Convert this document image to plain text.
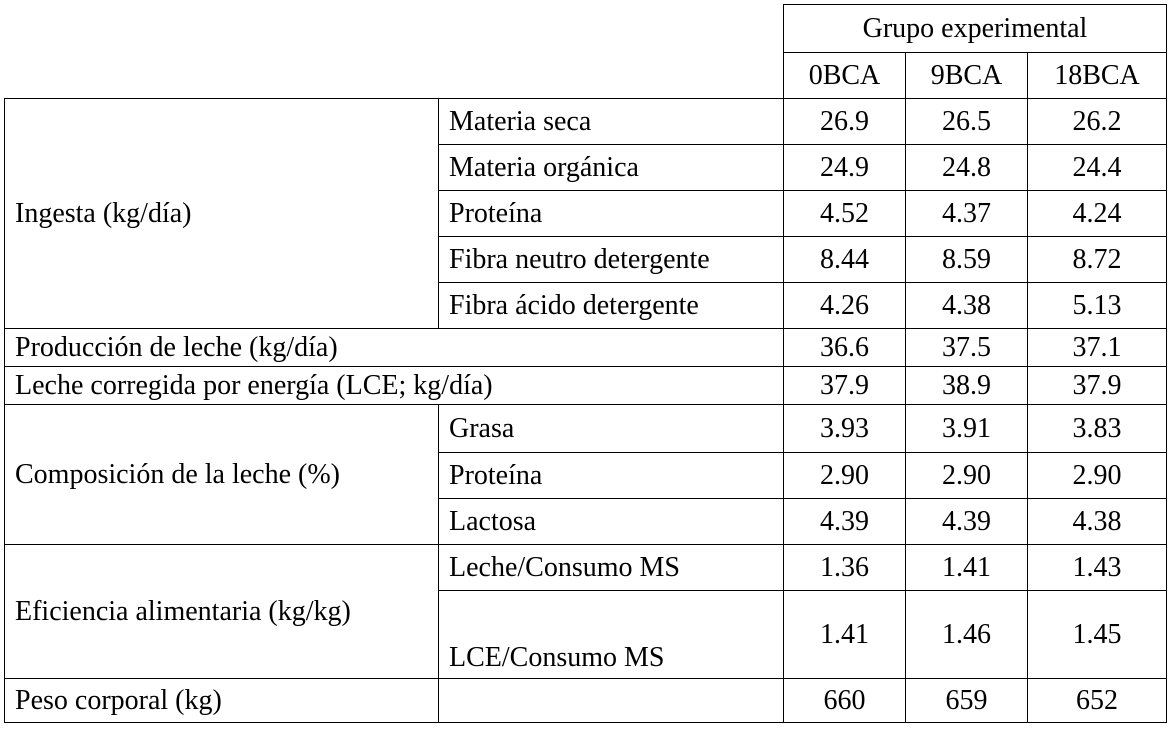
		Grupo experimental		
		0BCA	9BCA	18BCA
Ingesta (kg/día)	Materia seca	26.9	26.5	26.2
	Materia orgánica	24.9	24.8	24.4
	Proteína	4.52	4.37	4.24
	Fibra neutro detergente	8.44	8.59	8.72
	Fibra ácido detergente	4.26	4.38	5.13
Producción de leche (kg/día)		36.6	37.5	37.1
Leche corregida por energía (LCE; kg/día)		37.9	38.9	37.9
Composición de la leche (%)	Grasa	3.93	3.91	3.83
	Proteína	2.90	2.90	2.90
	Lactosa	4.39	4.39	4.38
Eficiencia alimentaria (kg/kg)	Leche/Consumo MS	1.36	1.41	1.43
	LCE/Consumo MS	1.41	1.46	1.45
Peso corporal (kg)		660	659	652
